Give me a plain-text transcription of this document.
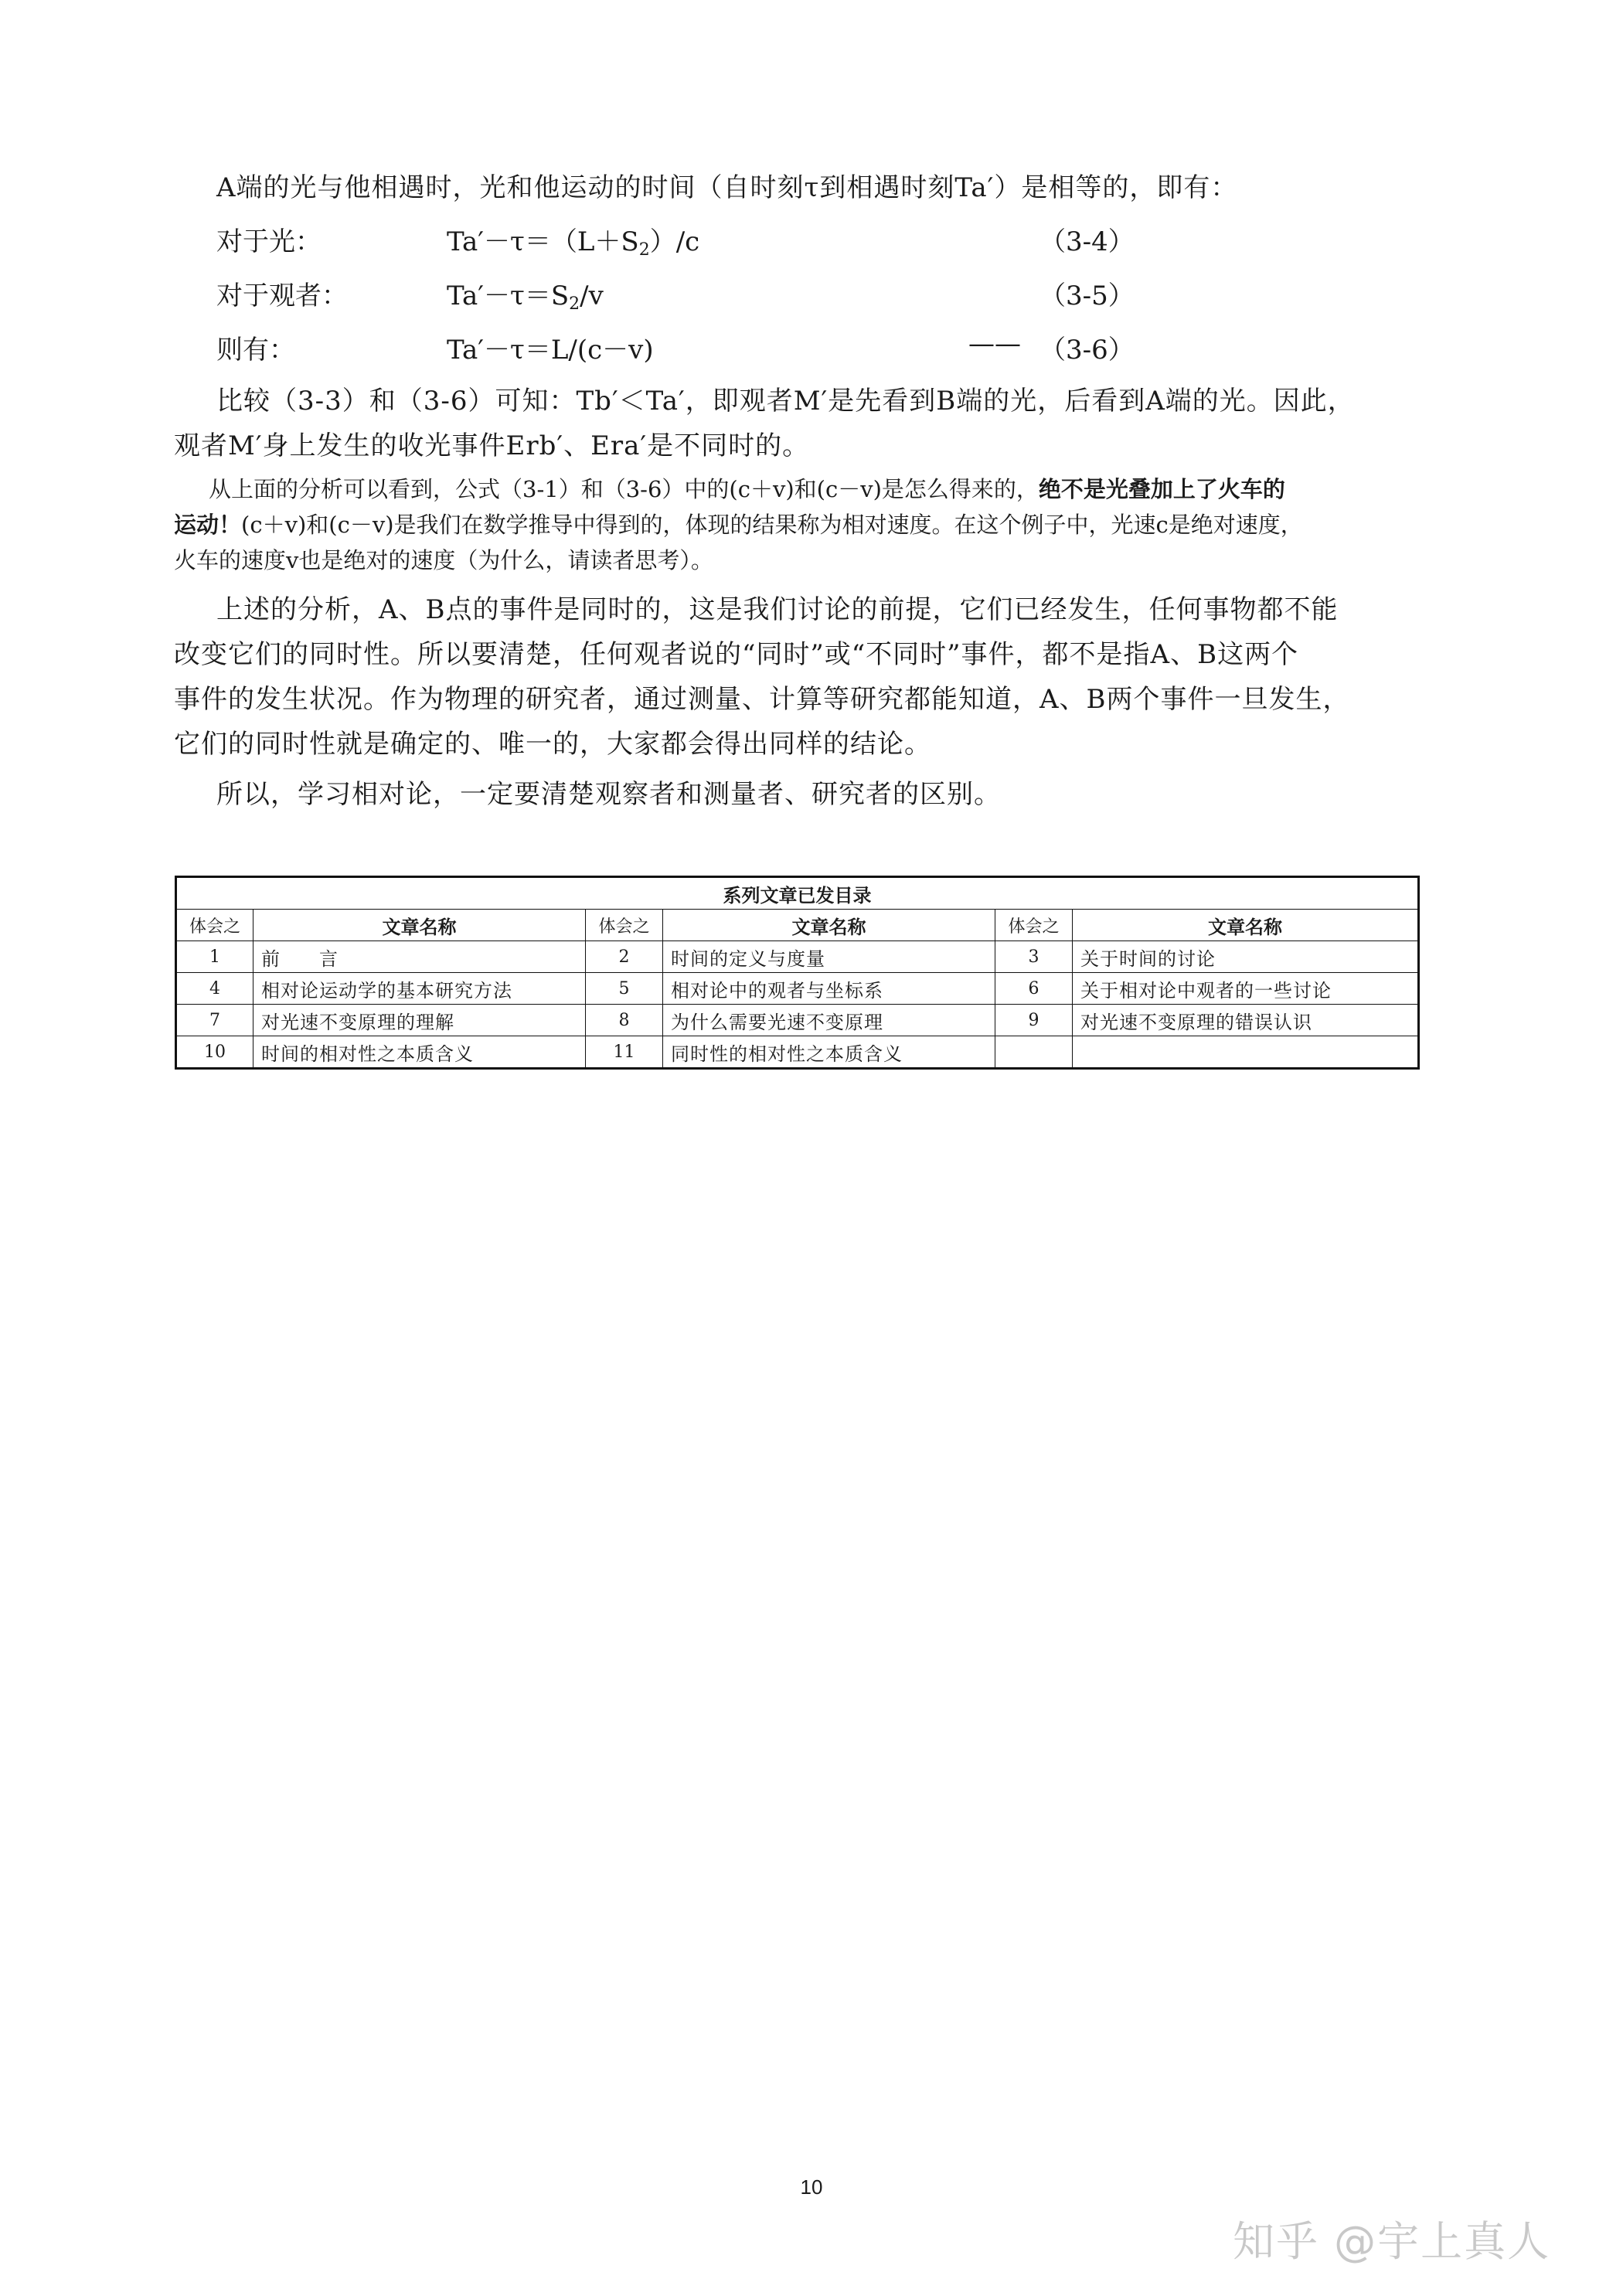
A端的光与他相遇时，光和他运动的时间（自时刻τ到相遇时刻Ta′）是相等的，即有：
对于光：	$Ta'-\tau=(L+S_2)/c$	（3-4）
对于观者：	$Ta'-\tau=S_2/v$	（3-5）
则有：	Ta′－τ＝L/(c－v)	—— （3-6）
比较（3-3）和（3-6）可知：Tb′＜Ta′，即观者M′是先看到B端的光，后看到A端的光。因此，
观者M′身上发生的收光事件Erb′、Era′是不同时的。
从上面的分析可以看到，公式（3-1）和（3-6）中的(c＋v)和(c－v)是怎么得来的，绝不是光叠加上了火车的
运动！(c＋v)和(c－v)是我们在数学推导中得到的，体现的结果称为相对速度。在这个例子中，光速c是绝对速度，
火车的速度v也是绝对的速度（为什么，请读者思考）。
上述的分析，A、B点的事件是同时的，这是我们讨论的前提，它们已经发生，任何事物都不能
改变它们的同时性。所以要清楚，任何观者说的“同时”或“不同时”事件，都不是指A、B这两个
事件的发生状况。作为物理的研究者，通过测量、计算等研究都能知道，A、B两个事件一旦发生，
它们的同时性就是确定的、唯一的，大家都会得出同样的结论。
所以，学习相对论，一定要清楚观察者和测量者、研究者的区别。
系列文章已发目录					
体会之	文章名称	体会之	文章名称	体会之	文章名称
1	前　　言	2	时间的定义与度量	3	关于时间的讨论
4	相对论运动学的基本研究方法	5	相对论中的观者与坐标系	6	关于相对论中观者的一些讨论
7	对光速不变原理的理解	8	为什么需要光速不变原理	9	对光速不变原理的错误认识
10	时间的相对性之本质含义	11	同时性的相对性之本质含义		
10
知乎 @宇上真人
